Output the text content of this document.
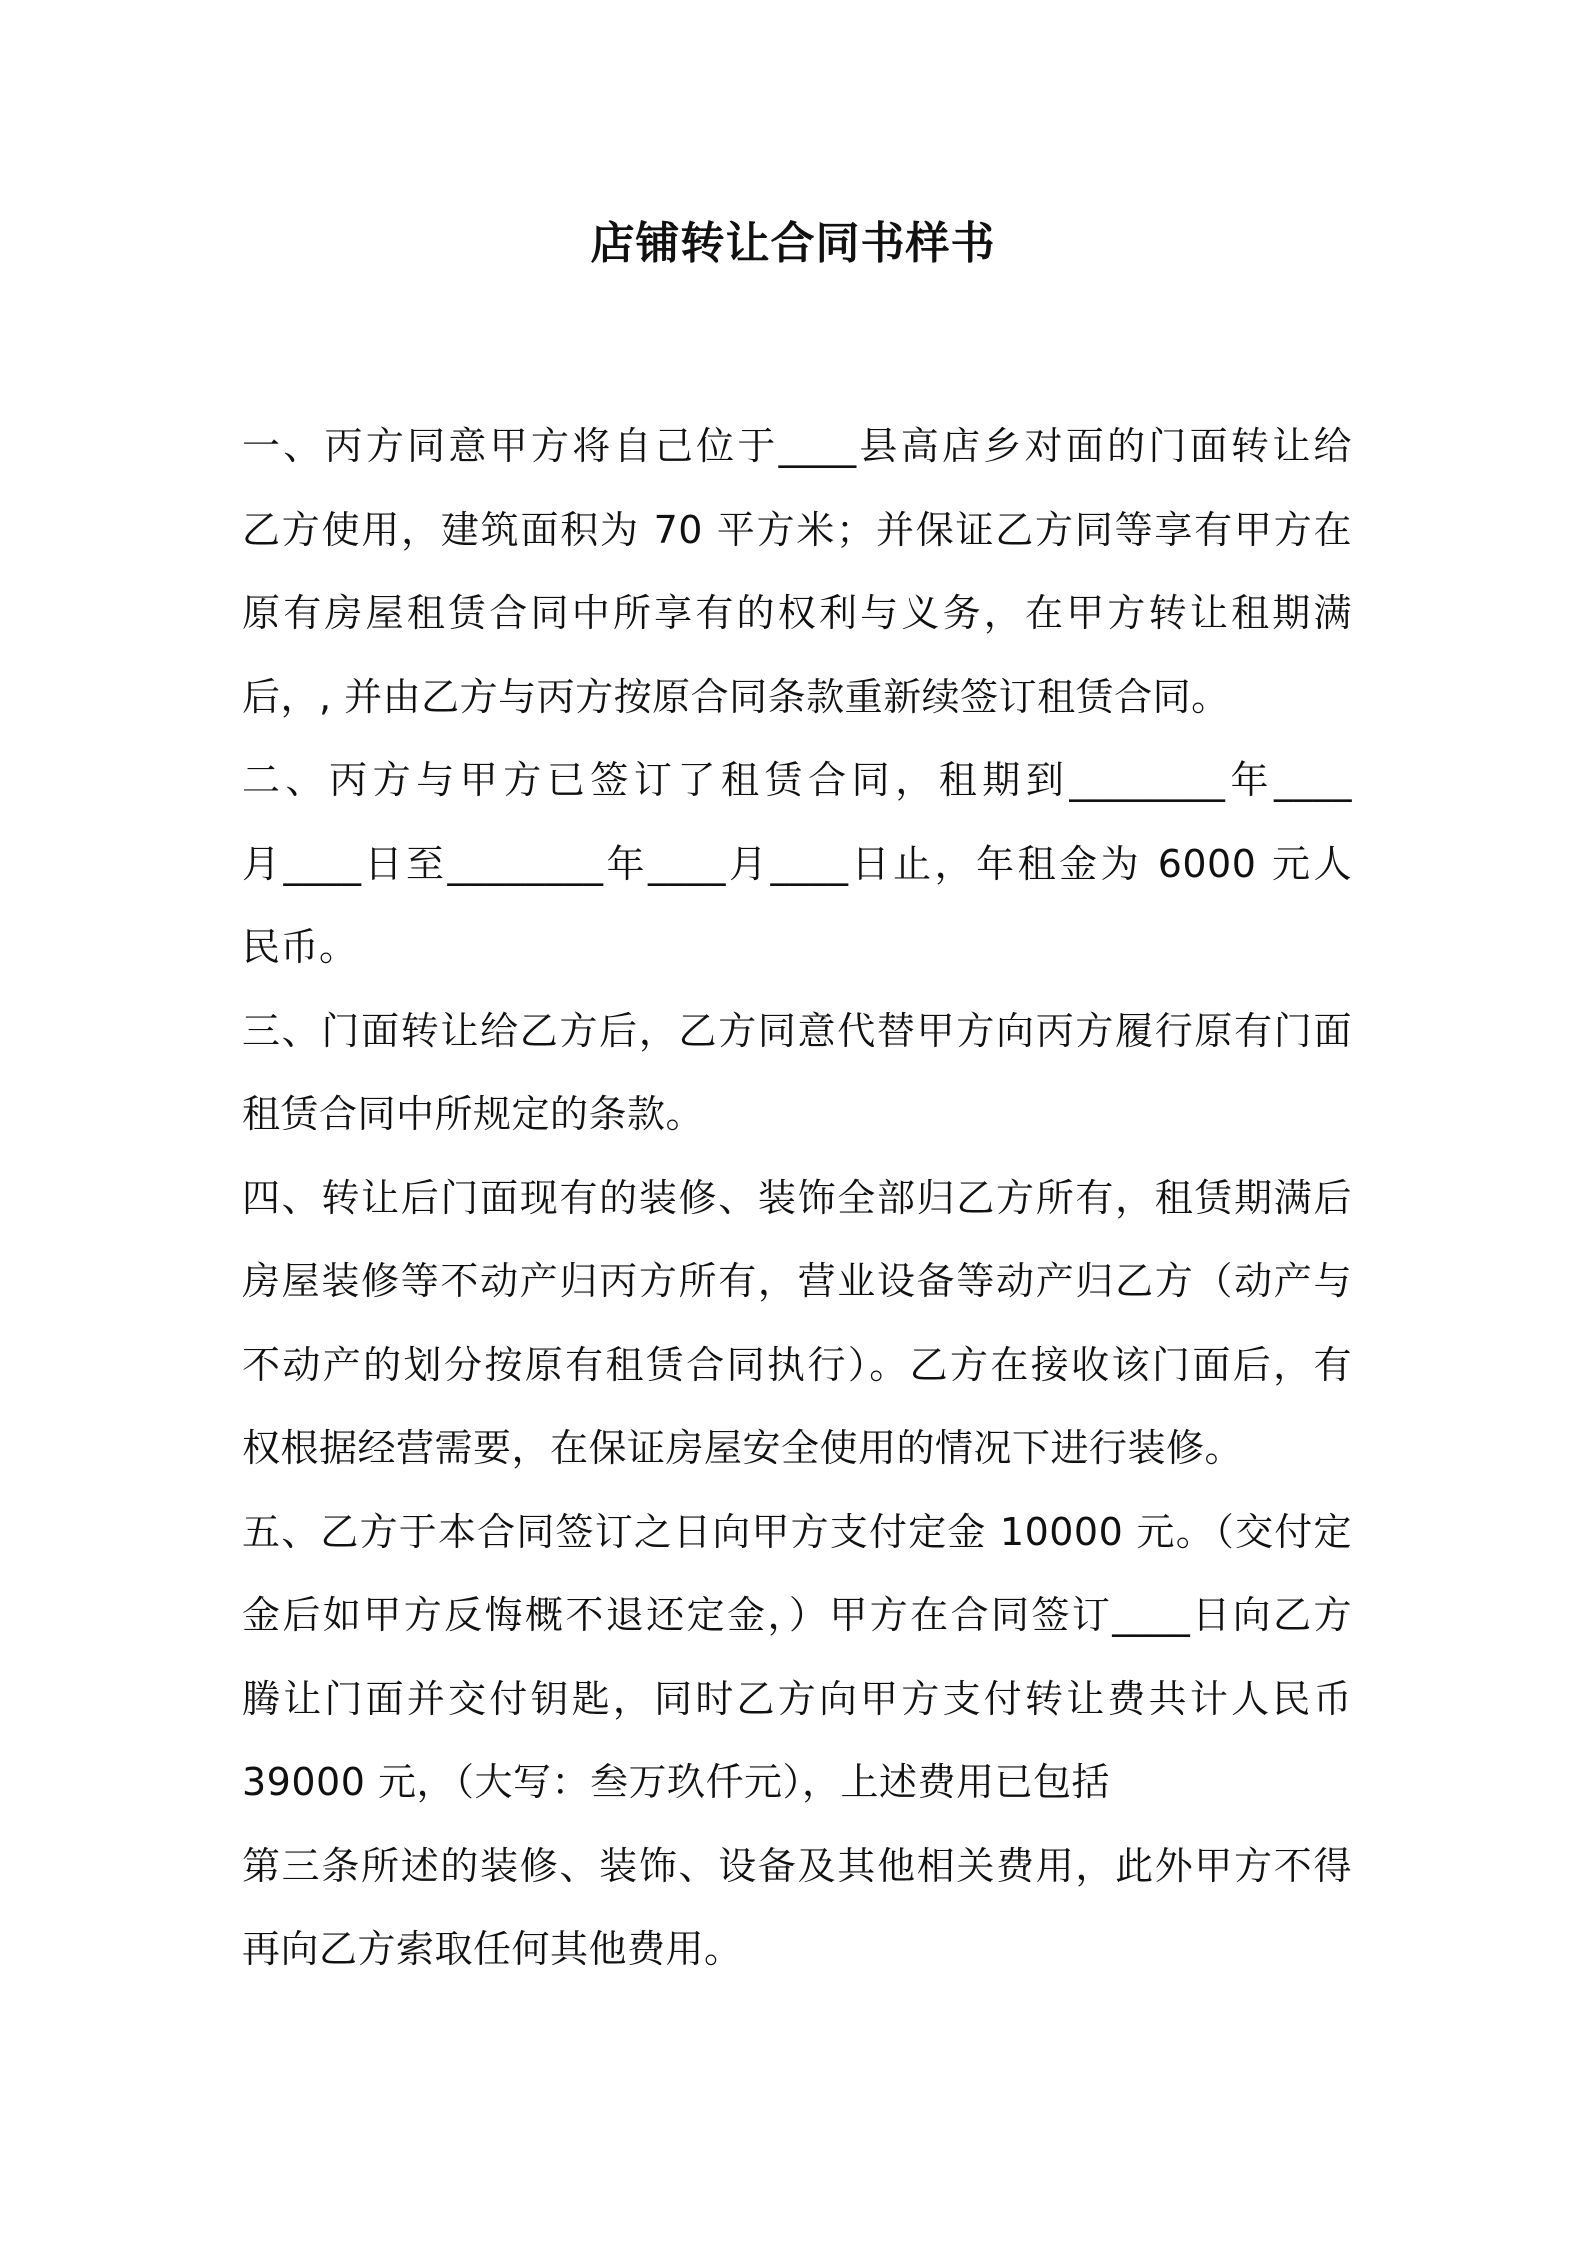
店铺转让合同书样书
一、丙方同意甲方将自己位于____县高店乡对面的门面转让给
乙方使用，建筑面积为 70 平方米；并保证乙方同等享有甲方在
原有房屋租赁合同中所享有的权利与义务，在甲方转让租期满
后，, 并由乙方与丙方按原合同条款重新续签订租赁合同。
二、丙方与甲方已签订了租赁合同，租期到________年____
月____日至________年____月____日止，年租金为 6000 元人
民币。
三、门面转让给乙方后，乙方同意代替甲方向丙方履行原有门面
租赁合同中所规定的条款。
四、转让后门面现有的装修、装饰全部归乙方所有，租赁期满后
房屋装修等不动产归丙方所有，营业设备等动产归乙方（动产与
不动产的划分按原有租赁合同执行）。乙方在接收该门面后，有
权根据经营需要，在保证房屋安全使用的情况下进行装修。
五、乙方于本合同签订之日向甲方支付定金 10000 元。（交付定
金后如甲方反悔概不退还定金，）甲方在合同签订____日向乙方
腾让门面并交付钥匙，同时乙方向甲方支付转让费共计人民币
39000 元，（大写：叁万玖仟元），上述费用已包括
第三条所述的装修、装饰、设备及其他相关费用，此外甲方不得
再向乙方索取任何其他费用。
